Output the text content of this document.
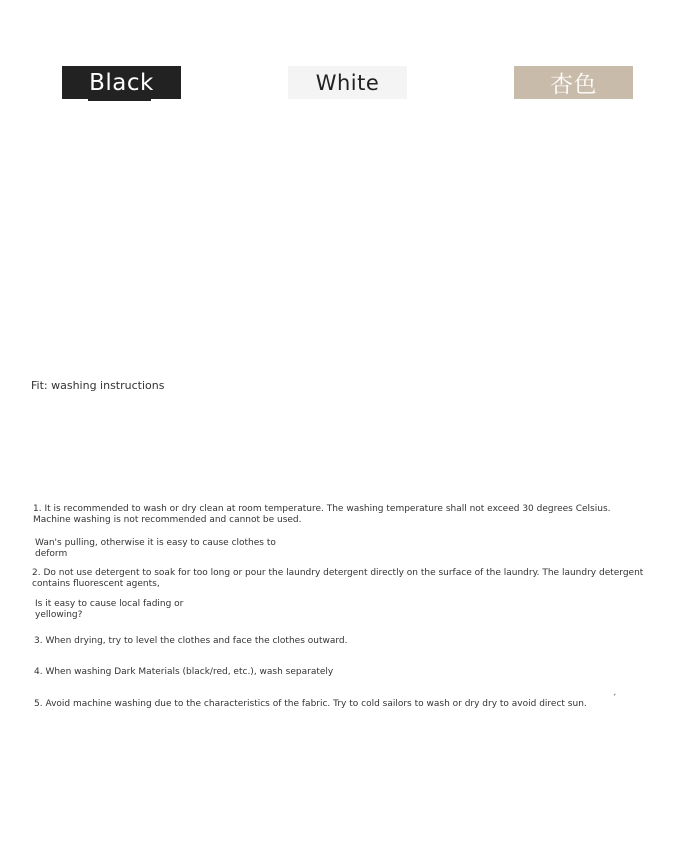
Black	White	杏色
Fit: washing instructions

1. It is recommended to wash or dry clean at room temperature. The washing temperature shall not exceed 30 degrees Celsius. Machine washing is not recommended and cannot be used.

Wan's pulling, otherwise it is easy to cause clothes to deform

2. Do not use detergent to soak for too long or pour the laundry detergent directly on the surface of the laundry. The laundry detergent contains fluorescent agents,

Is it easy to cause local fading or yellowing?

3. When drying, try to level the clothes and face the clothes outward.

4. When washing Dark Materials (black/red, etc.), wash separately

5. Avoid machine washing due to the characteristics of the fabric. Try to cold sailors to wash or dry dry to avoid direct sun.	ˊ
